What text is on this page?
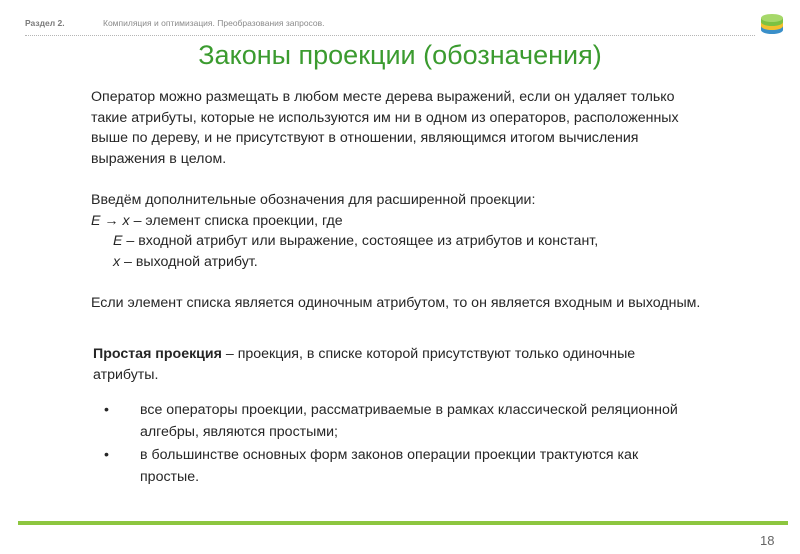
Раздел 2.	Компиляция и оптимизация. Преобразования запросов.
Законы проекции (обозначения)

Оператор можно размещать в любом месте дерева выражений, если он удаляет только такие атрибуты, которые не используются им ни в одном из операторов, расположенных выше по дереву, и не присутствуют в отношении, являющимся итогом вычисления выражения в целом.

Введём дополнительные обозначения для расширенной проекции:

E → x – элемент списка проекции, где

E – входной атрибут или выражение, состоящее из атрибутов и констант,

x – выходной атрибут.

Если элемент списка является одиночным атрибутом, то он является входным и выходным.

Простая проекция – проекция, в списке которой присутствуют только одиночные атрибуты.

• все операторы проекции, рассматриваемые в рамках классической реляционной алгебры, являются простыми;
• в большинстве основных форм законов операции проекции трактуются как простые.
18
